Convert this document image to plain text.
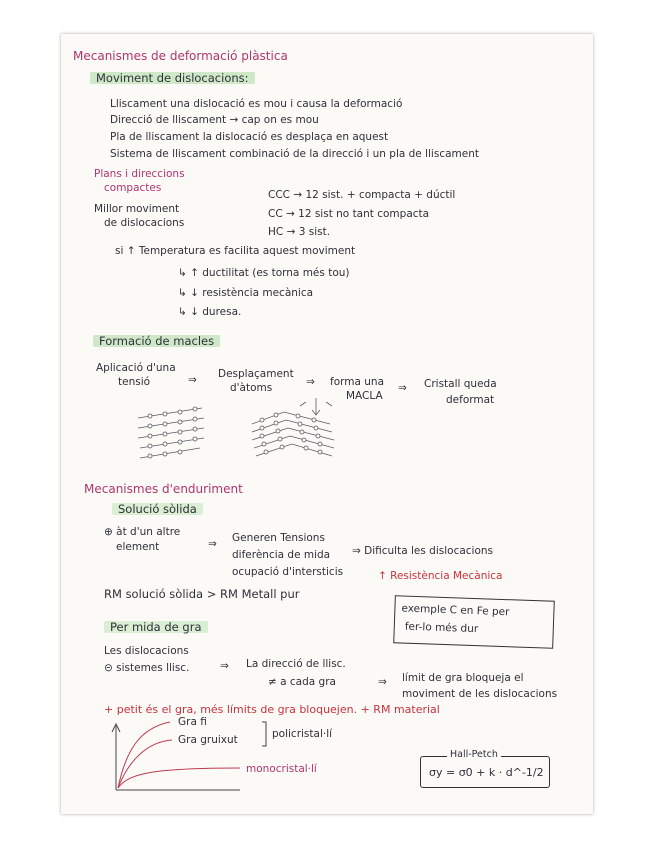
Mecanismes de deformació plàstica
Moviment de dislocacions:
Lliscament una dislocació es mou i causa la deformació
Direcció de lliscament → cap on es mou
Pla de lliscament la dislocació es desplaça en aquest
Sistema de lliscament combinació de la direcció i un pla de lliscament
Plans i direccions
compactes
Millor moviment
de dislocacions
CCC → 12 sist. + compacta + dúctil
CC → 12 sist no tant compacta
HC → 3 sist.
si ↑ Temperatura es facilita aquest moviment
↳ ↑ ductilitat (es torna més tou)
↳ ↓ resistència mecànica
↳ ↓ duresa.
Formació de macles
Aplicació d'una
tensió	⇒ Desplaçament
d'àtoms	⇒ forma una
MACLA
⇒ Cristall queda
deformat
Mecanismes d'enduriment
Solució sòlida
⊕ àt d'un altre
element	⇒ Generen Tensions
diferència de mida
ocupació d'intersticis
⇒ Dificulta les dislocacions
↑ Resistència Mecànica
RM solució sòlida > RM Metall pur
exemple C en Fe per
fer-lo més dur
Per mida de gra
Les dislocacions
⊝ sistemes llisc.	⇒ La direcció de llisc.
≠ a cada gra	⇒ límit de gra bloqueja el
moviment de les dislocacions
+ petit és el gra, més límits de gra bloquejen. + RM material
Gra fi
Gra gruixut	policristal·lí
monocristal·lí
Hall-Petch
σy = σ0 + k · d^-1/2
